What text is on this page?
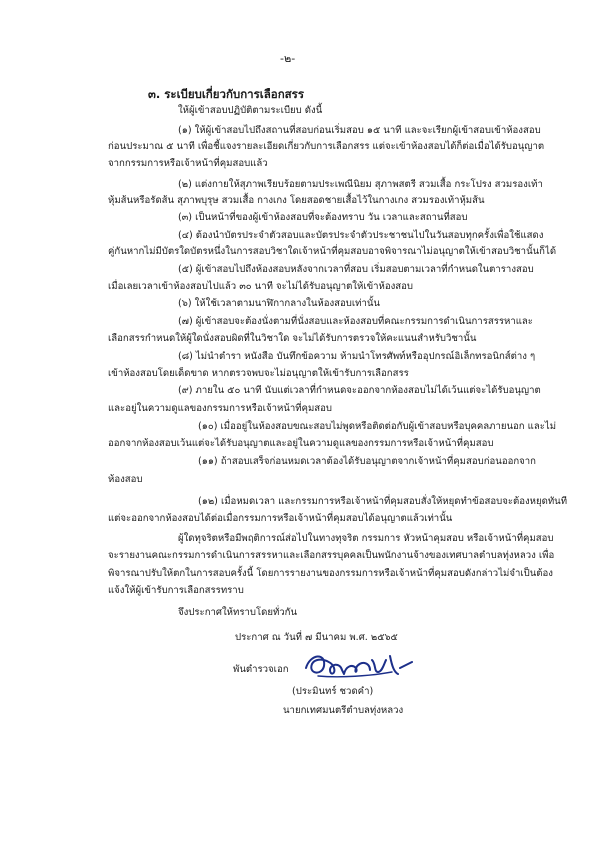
-๒-
๓. ระเบียบเกี่ยวกับการเลือกสรร
ให้ผู้เข้าสอบปฏิบัติตามระเบียบ ดังนี้
(๑) ให้ผู้เข้าสอบไปถึงสถานที่สอบก่อนเริ่มสอบ ๑๕ นาที และจะเรียกผู้เข้าสอบเข้าห้องสอบ
ก่อนประมาณ ๕ นาที เพื่อชี้แจงรายละเอียดเกี่ยวกับการเลือกสรร แต่จะเข้าห้องสอบได้ก็ต่อเมื่อได้รับอนุญาต
จากกรรมการหรือเจ้าหน้าที่คุมสอบแล้ว
(๒) แต่งกายให้สุภาพเรียบร้อยตามประเพณีนิยม สุภาพสตรี สวมเสื้อ กระโปรง สวมรองเท้า
หุ้มส้นหรือรัดส้น สุภาพบุรุษ สวมเสื้อ กางเกง โดยสอดชายเสื้อไว้ในกางเกง สวมรองเท้าหุ้มส้น
(๓) เป็นหน้าที่ของผู้เข้าห้องสอบที่จะต้องทราบ วัน เวลาและสถานที่สอบ
(๔) ต้องนำบัตรประจำตัวสอบและบัตรประจำตัวประชาชนไปในวันสอบทุกครั้งเพื่อใช้แสดง
คู่กันหากไม่มีบัตรใดบัตรหนึ่งในการสอบวิชาใดเจ้าหน้าที่คุมสอบอาจพิจารณาไม่อนุญาตให้เข้าสอบวิชานั้นก็ได้
(๕) ผู้เข้าสอบไปถึงห้องสอบหลังจากเวลาที่สอบ เริ่มสอบตามเวลาที่กำหนดในตารางสอบ
เมื่อเลยเวลาเข้าห้องสอบไปแล้ว ๓๐ นาที จะไม่ได้รับอนุญาตให้เข้าห้องสอบ
(๖) ให้ใช้เวลาตามนาฬิกากลางในห้องสอบเท่านั้น
(๗) ผู้เข้าสอบจะต้องนั่งตามที่นั่งสอบและห้องสอบที่คณะกรรมการดำเนินการสรรหาและ
เลือกสรรกำหนดให้ผู้ใดนั่งสอบผิดที่ในวิชาใด จะไม่ได้รับการตรวจให้คะแนนสำหรับวิชานั้น
(๘) ไม่นำตำรา หนังสือ บันทึกข้อความ ห้ามนำโทรศัพท์หรืออุปกรณ์อิเล็กทรอนิกส์ต่าง ๆ
เข้าห้องสอบโดยเด็ดขาด หากตรวจพบจะไม่อนุญาตให้เข้ารับการเลือกสรร
(๙) ภายใน ๕๐ นาที นับแต่เวลาที่กำหนดจะออกจากห้องสอบไม่ได้เว้นแต่จะได้รับอนุญาต
และอยู่ในความดูแลของกรรมการหรือเจ้าหน้าที่คุมสอบ
(๑๐) เมื่ออยู่ในห้องสอบขณะสอบไม่พูดหรือติดต่อกับผู้เข้าสอบหรือบุคคลภายนอก และไม่
ออกจากห้องสอบเว้นแต่จะได้รับอนุญาตและอยู่ในความดูแลของกรรมการหรือเจ้าหน้าที่คุมสอบ
(๑๑) ถ้าสอบเสร็จก่อนหมดเวลาต้องได้รับอนุญาตจากเจ้าหน้าที่คุมสอบก่อนออกจาก
ห้องสอบ
(๑๒) เมื่อหมดเวลา และกรรมการหรือเจ้าหน้าที่คุมสอบสั่งให้หยุดทำข้อสอบจะต้องหยุดทันที
แต่จะออกจากห้องสอบได้ต่อเมื่อกรรมการหรือเจ้าหน้าที่คุมสอบได้อนุญาตแล้วเท่านั้น
ผู้ใดทุจริตหรือมีพฤติการณ์ส่อไปในทางทุจริต กรรมการ หัวหน้าคุมสอบ หรือเจ้าหน้าที่คุมสอบ
จะรายงานคณะกรรมการดำเนินการสรรหาและเลือกสรรบุคคลเป็นพนักงานจ้างของเทศบาลตำบลทุ่งหลวง เพื่อ
พิจารณาปรับให้ตกในการสอบครั้งนี้ โดยการรายงานของกรรมการหรือเจ้าหน้าที่คุมสอบดังกล่าวไม่จำเป็นต้อง
แจ้งให้ผู้เข้ารับการเลือกสรรทราบ
จึงประกาศให้ทราบโดยทั่วกัน
ประกาศ ณ วันที่ ๗ มีนาคม พ.ศ. ๒๕๖๕
พันตำรวจเอก
(ประมินทร์ ชวดคำ)
นายกเทศมนตรีตำบลทุ่งหลวง
